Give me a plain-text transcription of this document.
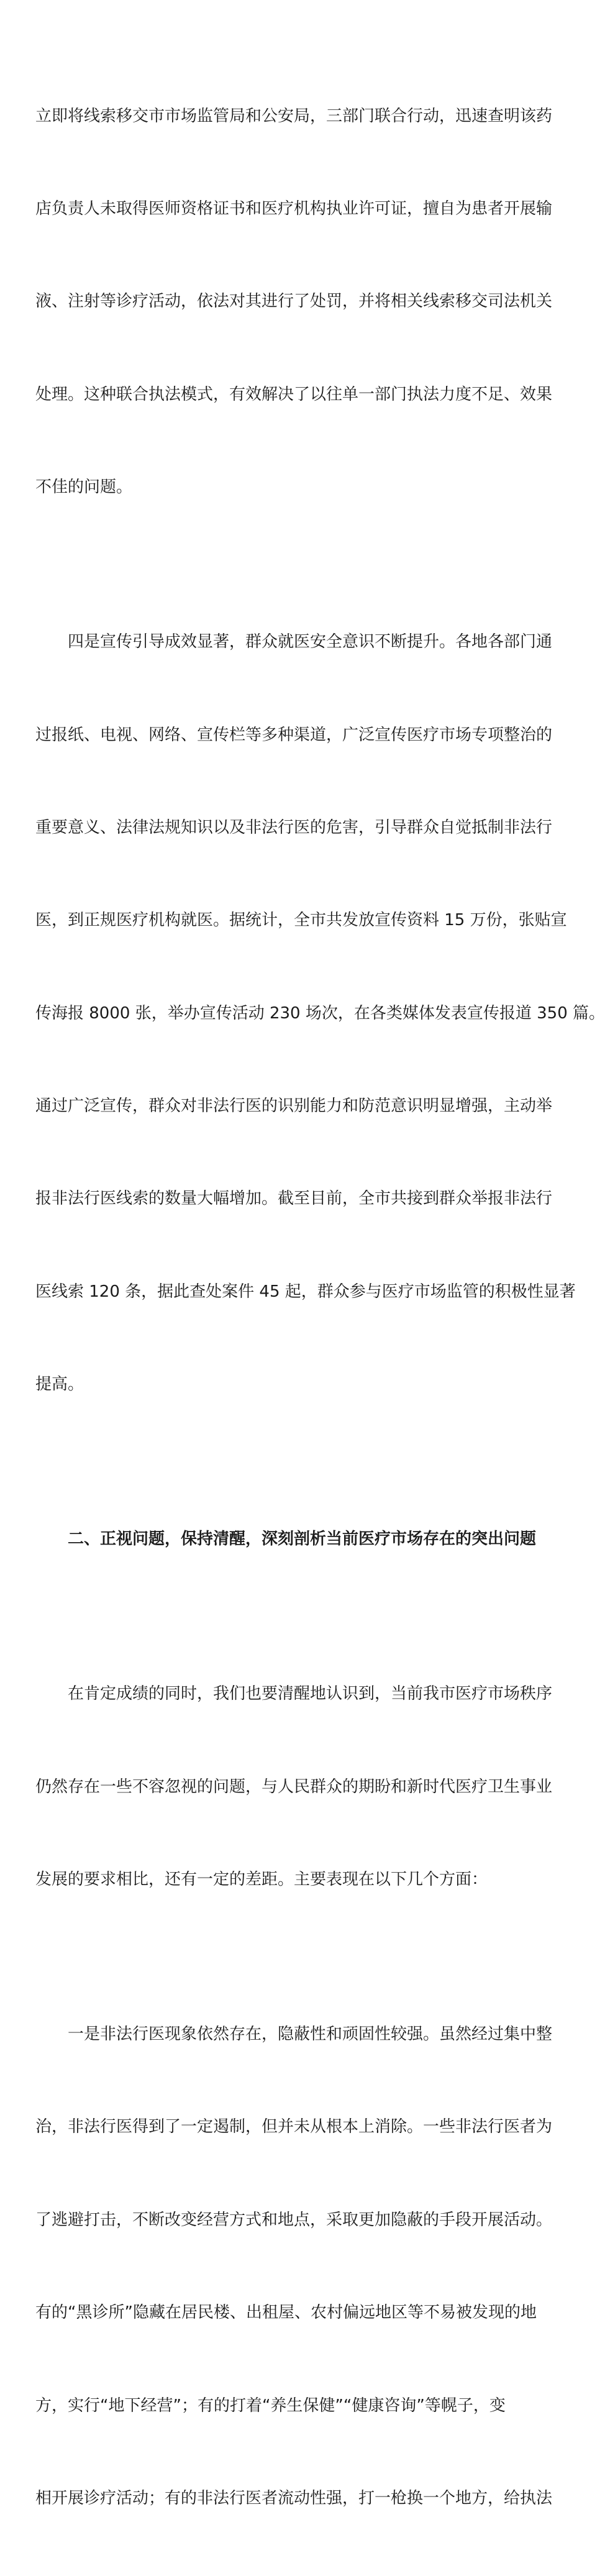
立即将线索移交市市场监管局和公安局，三部门联合行动，迅速查明该药

店负责人未取得医师资格证书和医疗机构执业许可证，擅自为患者开展输

液、注射等诊疗活动，依法对其进行了处罚，并将相关线索移交司法机关

处理。这种联合执法模式，有效解决了以往单一部门执法力度不足、效果

不佳的问题。

四是宣传引导成效显著，群众就医安全意识不断提升。各地各部门通

过报纸、电视、网络、宣传栏等多种渠道，广泛宣传医疗市场专项整治的

重要意义、法律法规知识以及非法行医的危害，引导群众自觉抵制非法行

医，到正规医疗机构就医。据统计，全市共发放宣传资料 15 万份，张贴宣

传海报 8000 张，举办宣传活动 230 场次，在各类媒体发表宣传报道 350 篇。

通过广泛宣传，群众对非法行医的识别能力和防范意识明显增强，主动举

报非法行医线索的数量大幅增加。截至目前，全市共接到群众举报非法行

医线索 120 条，据此查处案件 45 起，群众参与医疗市场监管的积极性显著

提高。

二、正视问题，保持清醒，深刻剖析当前医疗市场存在的突出问题

在肯定成绩的同时，我们也要清醒地认识到，当前我市医疗市场秩序

仍然存在一些不容忽视的问题，与人民群众的期盼和新时代医疗卫生事业

发展的要求相比，还有一定的差距。主要表现在以下几个方面：

一是非法行医现象依然存在，隐蔽性和顽固性较强。虽然经过集中整

治，非法行医得到了一定遏制，但并未从根本上消除。一些非法行医者为

了逃避打击，不断改变经营方式和地点，采取更加隐蔽的手段开展活动。

有的“黑诊所”隐藏在居民楼、出租屋、农村偏远地区等不易被发现的地

方，实行“地下经营”；有的打着“养生保健”“健康咨询”等幌子，变

相开展诊疗活动；有的非法行医者流动性强，打一枪换一个地方，给执法
